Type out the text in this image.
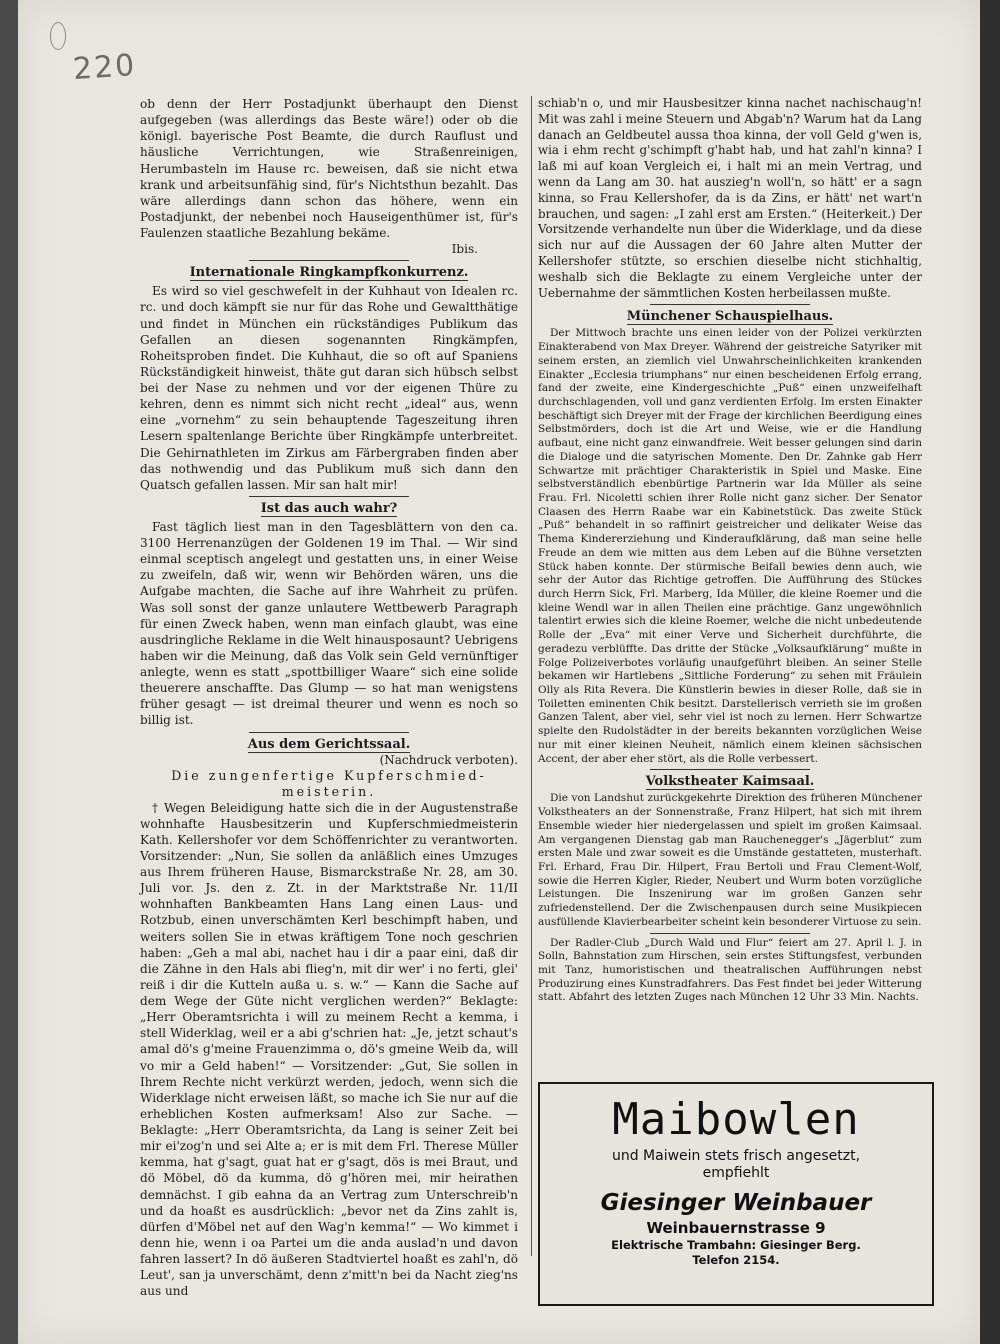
220

ob denn der Herr Postadjunkt überhaupt den Dienst aufgegeben (was allerdings das Beste wäre!) oder ob die königl. bayerische Post Beamte, die durch Rauflust und häusliche Verrichtungen, wie Straßenreinigen, Herumbasteln im Hause rc. beweisen, daß sie nicht etwa krank und arbeitsunfähig sind, für's Nichtsthun bezahlt. Das wäre allerdings dann schon das höhere, wenn ein Postadjunkt, der nebenbei noch Hauseigenthümer ist, für's Faulenzen staatliche Bezahlung bekäme.

Ibis.

Internationale Ringkampfkonkurrenz.

Es wird so viel geschwefelt in der Kuhhaut von Idealen rc. rc. und doch kämpft sie nur für das Rohe und Gewaltthätige und findet in München ein rückständiges Publikum das Gefallen an diesen sogenannten Ringkämpfen, Roheitsproben findet. Die Kuhhaut, die so oft auf Spaniens Rückständigkeit hinweist, thäte gut daran sich hübsch selbst bei der Nase zu nehmen und vor der eigenen Thüre zu kehren, denn es nimmt sich nicht recht „ideal“ aus, wenn eine „vornehm“ zu sein behauptende Tageszeitung ihren Lesern spaltenlange Berichte über Ringkämpfe unterbreitet. Die Gehirnathleten im Zirkus am Färbergraben finden aber das nothwendig und das Publikum muß sich dann den Quatsch gefallen lassen. Mir san halt mir!

Ist das auch wahr?

Fast täglich liest man in den Tagesblättern von den ca. 3100 Herrenanzügen der Goldenen 19 im Thal. — Wir sind einmal sceptisch angelegt und gestatten uns, in einer Weise zu zweifeln, daß wir, wenn wir Behörden wären, uns die Aufgabe machten, die Sache auf ihre Wahrheit zu prüfen. Was soll sonst der ganze unlautere Wettbewerb Paragraph für einen Zweck haben, wenn man einfach glaubt, was eine ausdringliche Reklame in die Welt hinausposaunt? Uebrigens haben wir die Meinung, daß das Volk sein Geld vernünftiger anlegte, wenn es statt „spottbilliger Waare“ sich eine solide theuerere anschaffte. Das Glump — so hat man wenigstens früher gesagt — ist dreimal theurer und wenn es noch so billig ist.

Aus dem Gerichtssaal.
(Nachdruck verboten).
Die zungenfertige Kupferschmied-
meisterin.

† Wegen Beleidigung hatte sich die in der Augustenstraße wohnhafte Hausbesitzerin und Kupferschmiedmeisterin Kath. Kellershofer vor dem Schöffenrichter zu verantworten. Vorsitzender: „Nun, Sie sollen da anläßlich eines Umzuges aus Ihrem früheren Hause, Bismarckstraße Nr. 28, am 30. Juli vor. Js. den z. Zt. in der Marktstraße Nr. 11/II wohnhaften Bankbeamten Hans Lang einen Laus- und Rotzbub, einen unverschämten Kerl beschimpft haben, und weiters sollen Sie in etwas kräftigem Tone noch geschrien haben: „Geh a mal abi, nachet hau i dir a paar eini, daß dir die Zähne in den Hals abi flieg'n, mit dir wer' i no ferti, glei' reiß i dir die Kutteln außa u. s. w.“ — Kann die Sache auf dem Wege der Güte nicht verglichen werden?“ Beklagte: „Herr Oberamtsrichta i will zu meinem Recht a kemma, i stell Widerklag, weil er a abi g'schrien hat: „Je, jetzt schaut's amal dö's g'meine Frauenzimma o, dö's gmeine Weib da, will vo mir a Geld haben!“ — Vorsitzender: „Gut, Sie sollen in Ihrem Rechte nicht verkürzt werden, jedoch, wenn sich die Widerklage nicht erweisen läßt, so mache ich Sie nur auf die erheblichen Kosten aufmerksam! Also zur Sache. — Beklagte: „Herr Oberamtsrichta, da Lang is seiner Zeit bei mir ei'zog'n und sei Alte a; er is mit dem Frl. Therese Müller kemma, hat g'sagt, guat hat er g'sagt, dös is mei Braut, und dö Möbel, dö da kumma, dö g'hören mei, mir heirathen demnächst. I gib eahna da an Vertrag zum Unterschreib'n und da hoaßt es ausdrücklich: „bevor net da Zins zahlt is, dürfen d'Möbel net auf den Wag'n kemma!“ — Wo kimmet i denn hie, wenn i oa Partei um die anda auslad'n und davon fahren lassert? In dö äußeren Stadtviertel hoaßt es zahl'n, dö Leut', san ja unverschämt, denn z'mitt'n bei da Nacht zieg'ns aus und

schiab'n o, und mir Hausbesitzer kinna nachet nachischaug'n! Mit was zahl i meine Steuern und Abgab'n? Warum hat da Lang danach an Geldbeutel aussa thoa kinna, der voll Geld g'wen is, wia i ehm recht g'schimpft g'habt hab, und hat zahl'n kinna? I laß mi auf koan Vergleich ei, i halt mi an mein Vertrag, und wenn da Lang am 30. hat auszieg'n woll'n, so hätt' er a sagn kinna, so Frau Kellershofer, da is da Zins, er hätt' net wart'n brauchen, und sagen: „I zahl erst am Ersten.“ (Heiterkeit.) Der Vorsitzende verhandelte nun über die Widerklage, und da diese sich nur auf die Aussagen der 60 Jahre alten Mutter der Kellershofer stützte, so erschien dieselbe nicht stichhaltig, weshalb sich die Beklagte zu einem Vergleiche unter der Uebernahme der sämmtlichen Kosten herbeilassen mußte.

Münchener Schauspielhaus.

Der Mittwoch brachte uns einen leider von der Polizei verkürzten Einakterabend von Max Dreyer. Während der geistreiche Satyriker mit seinem ersten, an ziemlich viel Unwahrscheinlichkeiten krankenden Einakter „Ecclesia triumphans“ nur einen bescheidenen Erfolg errang, fand der zweite, eine Kindergeschichte „Puß“ einen unzweifelhaft durchschlagenden, voll und ganz verdienten Erfolg. Im ersten Einakter beschäftigt sich Dreyer mit der Frage der kirchlichen Beerdigung eines Selbstmörders, doch ist die Art und Weise, wie er die Handlung aufbaut, eine nicht ganz einwandfreie. Weit besser gelungen sind darin die Dialoge und die satyrischen Momente. Den Dr. Zahnke gab Herr Schwartze mit prächtiger Charakteristik in Spiel und Maske. Eine selbstverständlich ebenbürtige Partnerin war Ida Müller als seine Frau. Frl. Nicoletti schien ihrer Rolle nicht ganz sicher. Der Senator Claasen des Herrn Raabe war ein Kabinetstück. Das zweite Stück „Puß“ behandelt in so raffinirt geistreicher und delikater Weise das Thema Kindererziehung und Kinderaufklärung, daß man seine helle Freude an dem wie mitten aus dem Leben auf die Bühne versetzten Stück haben konnte. Der stürmische Beifall bewies denn auch, wie sehr der Autor das Richtige getroffen. Die Aufführung des Stückes durch Herrn Sick, Frl. Marberg, Ida Müller, die kleine Roemer und die kleine Wendl war in allen Theilen eine prächtige. Ganz ungewöhnlich talentirt erwies sich die kleine Roemer, welche die nicht unbedeutende Rolle der „Eva“ mit einer Verve und Sicherheit durchführte, die geradezu verblüffte. Das dritte der Stücke „Volksaufklärung“ mußte in Folge Polizeiverbotes vorläufig unaufgeführt bleiben. An seiner Stelle bekamen wir Hartlebens „Sittliche Forderung“ zu sehen mit Fräulein Olly als Rita Revera. Die Künstlerin bewies in dieser Rolle, daß sie in Toiletten eminenten Chik besitzt. Darstellerisch verrieth sie im großen Ganzen Talent, aber viel, sehr viel ist noch zu lernen. Herr Schwartze spielte den Rudolstädter in der bereits bekannten vorzüglichen Weise nur mit einer kleinen Neuheit, nämlich einem kleinen sächsischen Accent, der aber eher stört, als die Rolle verbessert.

Volkstheater Kaimsaal.

Die von Landshut zurückgekehrte Direktion des früheren Münchener Volkstheaters an der Sonnenstraße, Franz Hilpert, hat sich mit ihrem Ensemble wieder hier niedergelassen und spielt im großen Kaimsaal. Am vergangenen Dienstag gab man Rauchenegger's „Jägerblut“ zum ersten Male und zwar soweit es die Umstände gestatteten, musterhaft. Frl. Erhard, Frau Dir. Hilpert, Frau Bertoli und Frau Clement-Wolf, sowie die Herren Kigler, Rieder, Neubert und Wurm boten vorzügliche Leistungen. Die Inszenirung war im großen Ganzen sehr zufriedenstellend. Der die Zwischenpausen durch seine Musikpiecen ausfüllende Klavierbearbeiter scheint kein besonderer Virtuose zu sein.

Der Radler-Club „Durch Wald und Flur“ feiert am 27. April l. J. in Solln, Bahnstation zum Hirschen, sein erstes Stiftungsfest, verbunden mit Tanz, humoristischen und theatralischen Aufführungen nebst Produzirung eines Kunstradfahrers. Das Fest findet bei jeder Witterung statt. Abfahrt des letzten Zuges nach München 12 Uhr 33 Min. Nachts.

Maibowlen
und Maiwein stets frisch angesetzt,
empfiehlt
Giesinger Weinbauer
Weinbauernstrasse 9
Elektrische Trambahn: Giesinger Berg.
Telefon 2154.
